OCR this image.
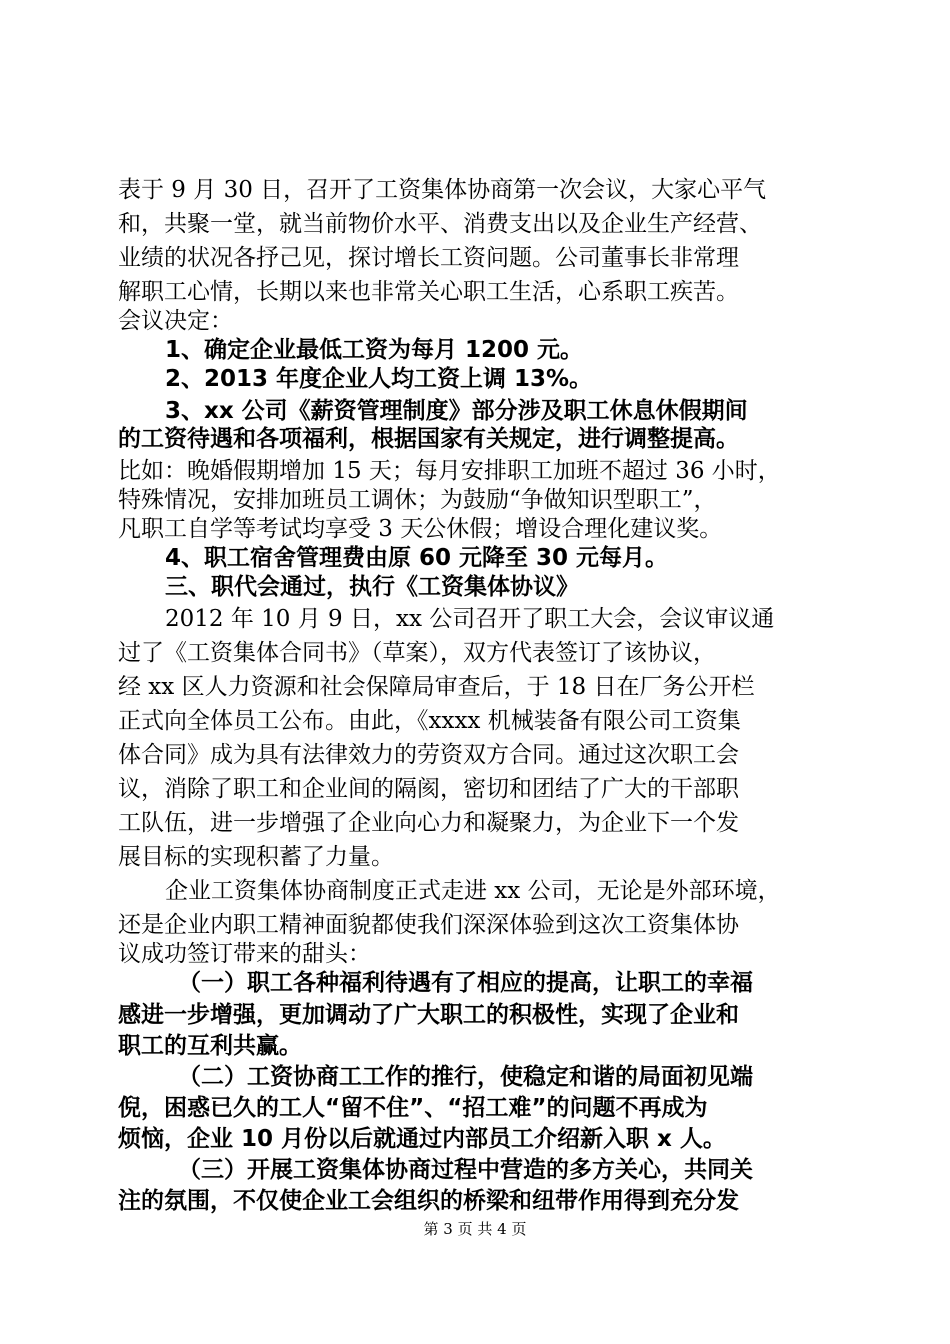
表于 9 月 30 日，召开了工资集体协商第一次会议，大家心平气
和，共聚一堂，就当前物价水平、消费支出以及企业生产经营、
业绩的状况各抒己见，探讨增长工资问题。公司董事长非常理
解职工心情，长期以来也非常关心职工生活，心系职工疾苦。
会议决定：
1、确定企业最低工资为每月 1200 元。
2、2013 年度企业人均工资上调 13%。
3、xx 公司《薪资管理制度》部分涉及职工休息休假期间
的工资待遇和各项福利，根据国家有关规定，进行调整提高。
比如：晚婚假期增加 15 天；每月安排职工加班不超过 36 小时，
特殊情况，安排加班员工调休；为鼓励“争做知识型职工”，
凡职工自学等考试均享受 3 天公休假；增设合理化建议奖。
4、职工宿舍管理费由原 60 元降至 30 元每月。
三、职代会通过，执行《工资集体协议》
2012 年 10 月 9 日，xx 公司召开了职工大会，会议审议通
过了《工资集体合同书》（草案），双方代表签订了该协议，
经 xx 区人力资源和社会保障局审查后，于 18 日在厂务公开栏
正式向全体员工公布。由此，《xxxx 机械装备有限公司工资集
体合同》成为具有法律效力的劳资双方合同。通过这次职工会
议，消除了职工和企业间的隔阂，密切和团结了广大的干部职
工队伍，进一步增强了企业向心力和凝聚力，为企业下一个发
展目标的实现积蓄了力量。
企业工资集体协商制度正式走进 xx 公司，无论是外部环境，
还是企业内职工精神面貌都使我们深深体验到这次工资集体协
议成功签订带来的甜头：
（一）职工各种福利待遇有了相应的提高，让职工的幸福
感进一步增强，更加调动了广大职工的积极性，实现了企业和
职工的互利共赢。
（二）工资协商工工作的推行，使稳定和谐的局面初见端
倪，困惑已久的工人“留不住”、“招工难”的问题不再成为
烦恼，企业 10 月份以后就通过内部员工介绍新入职 x 人。
（三）开展工资集体协商过程中营造的多方关心，共同关
注的氛围，不仅使企业工会组织的桥梁和纽带作用得到充分发
第 3 页 共 4 页
